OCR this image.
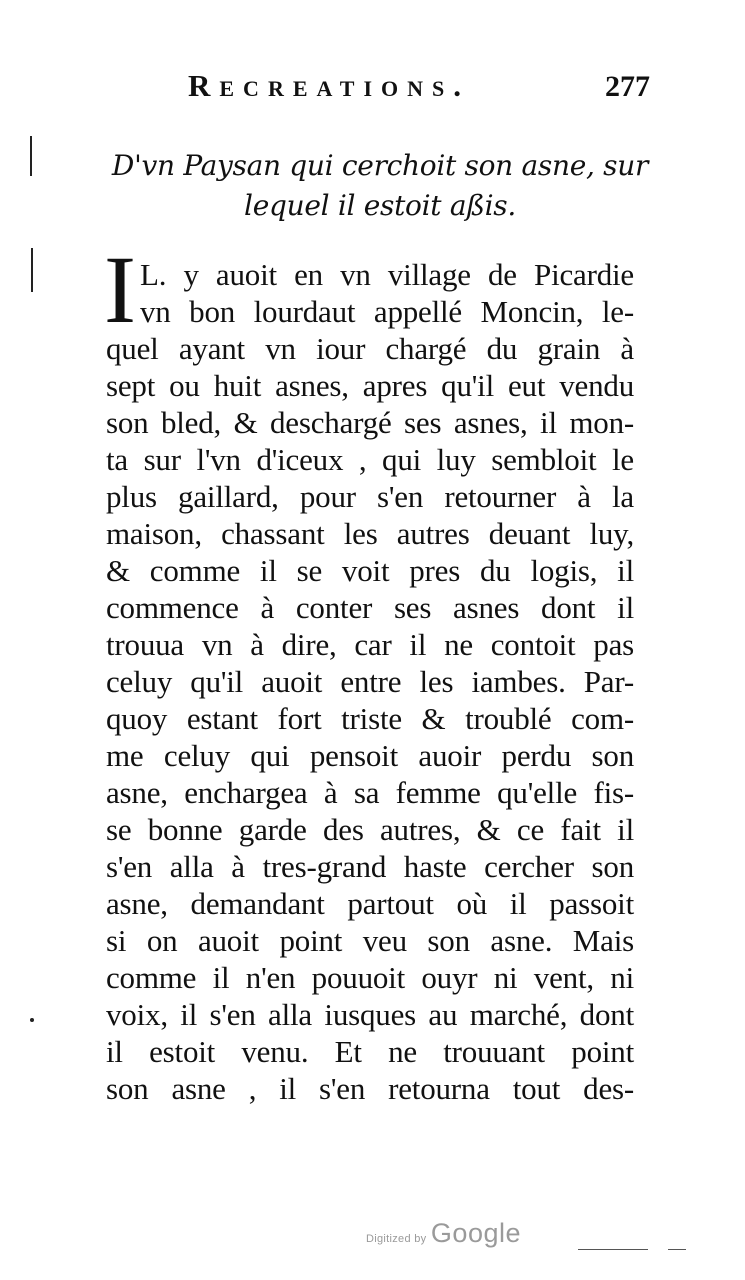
Recreations.	277
D'vn Paysan qui cerchoit son asne, sur
lequel il estoit aßis.
I L. y auoit en vn village de Picardie
vn bon lourdaut appellé Moncin, le-
quel ayant vn iour chargé du grain à
sept ou huit asnes, apres qu'il eut vendu
son bled, & deschargé ses asnes, il mon-
ta sur l'vn d'iceux , qui luy sembloit le
plus gaillard, pour s'en retourner à la
maison, chassant les autres deuant luy,
& comme il se voit pres du logis, il
commence à conter ses asnes dont il
trouua vn à dire, car il ne contoit pas
celuy qu'il auoit entre les iambes. Par-
quoy estant fort triste & troublé com-
me celuy qui pensoit auoir perdu son
asne, enchargea à sa femme qu'elle fis-
se bonne garde des autres, & ce fait il
s'en alla à tres-grand haste cercher son
asne, demandant partout où il passoit
si on auoit point veu son asne. Mais
comme il n'en pouuoit ouyr ni vent, ni
voix, il s'en alla iusques au marché, dont
il estoit venu. Et ne trouuant point
son asne , il s'en retourna tout des-
Digitized by Google
